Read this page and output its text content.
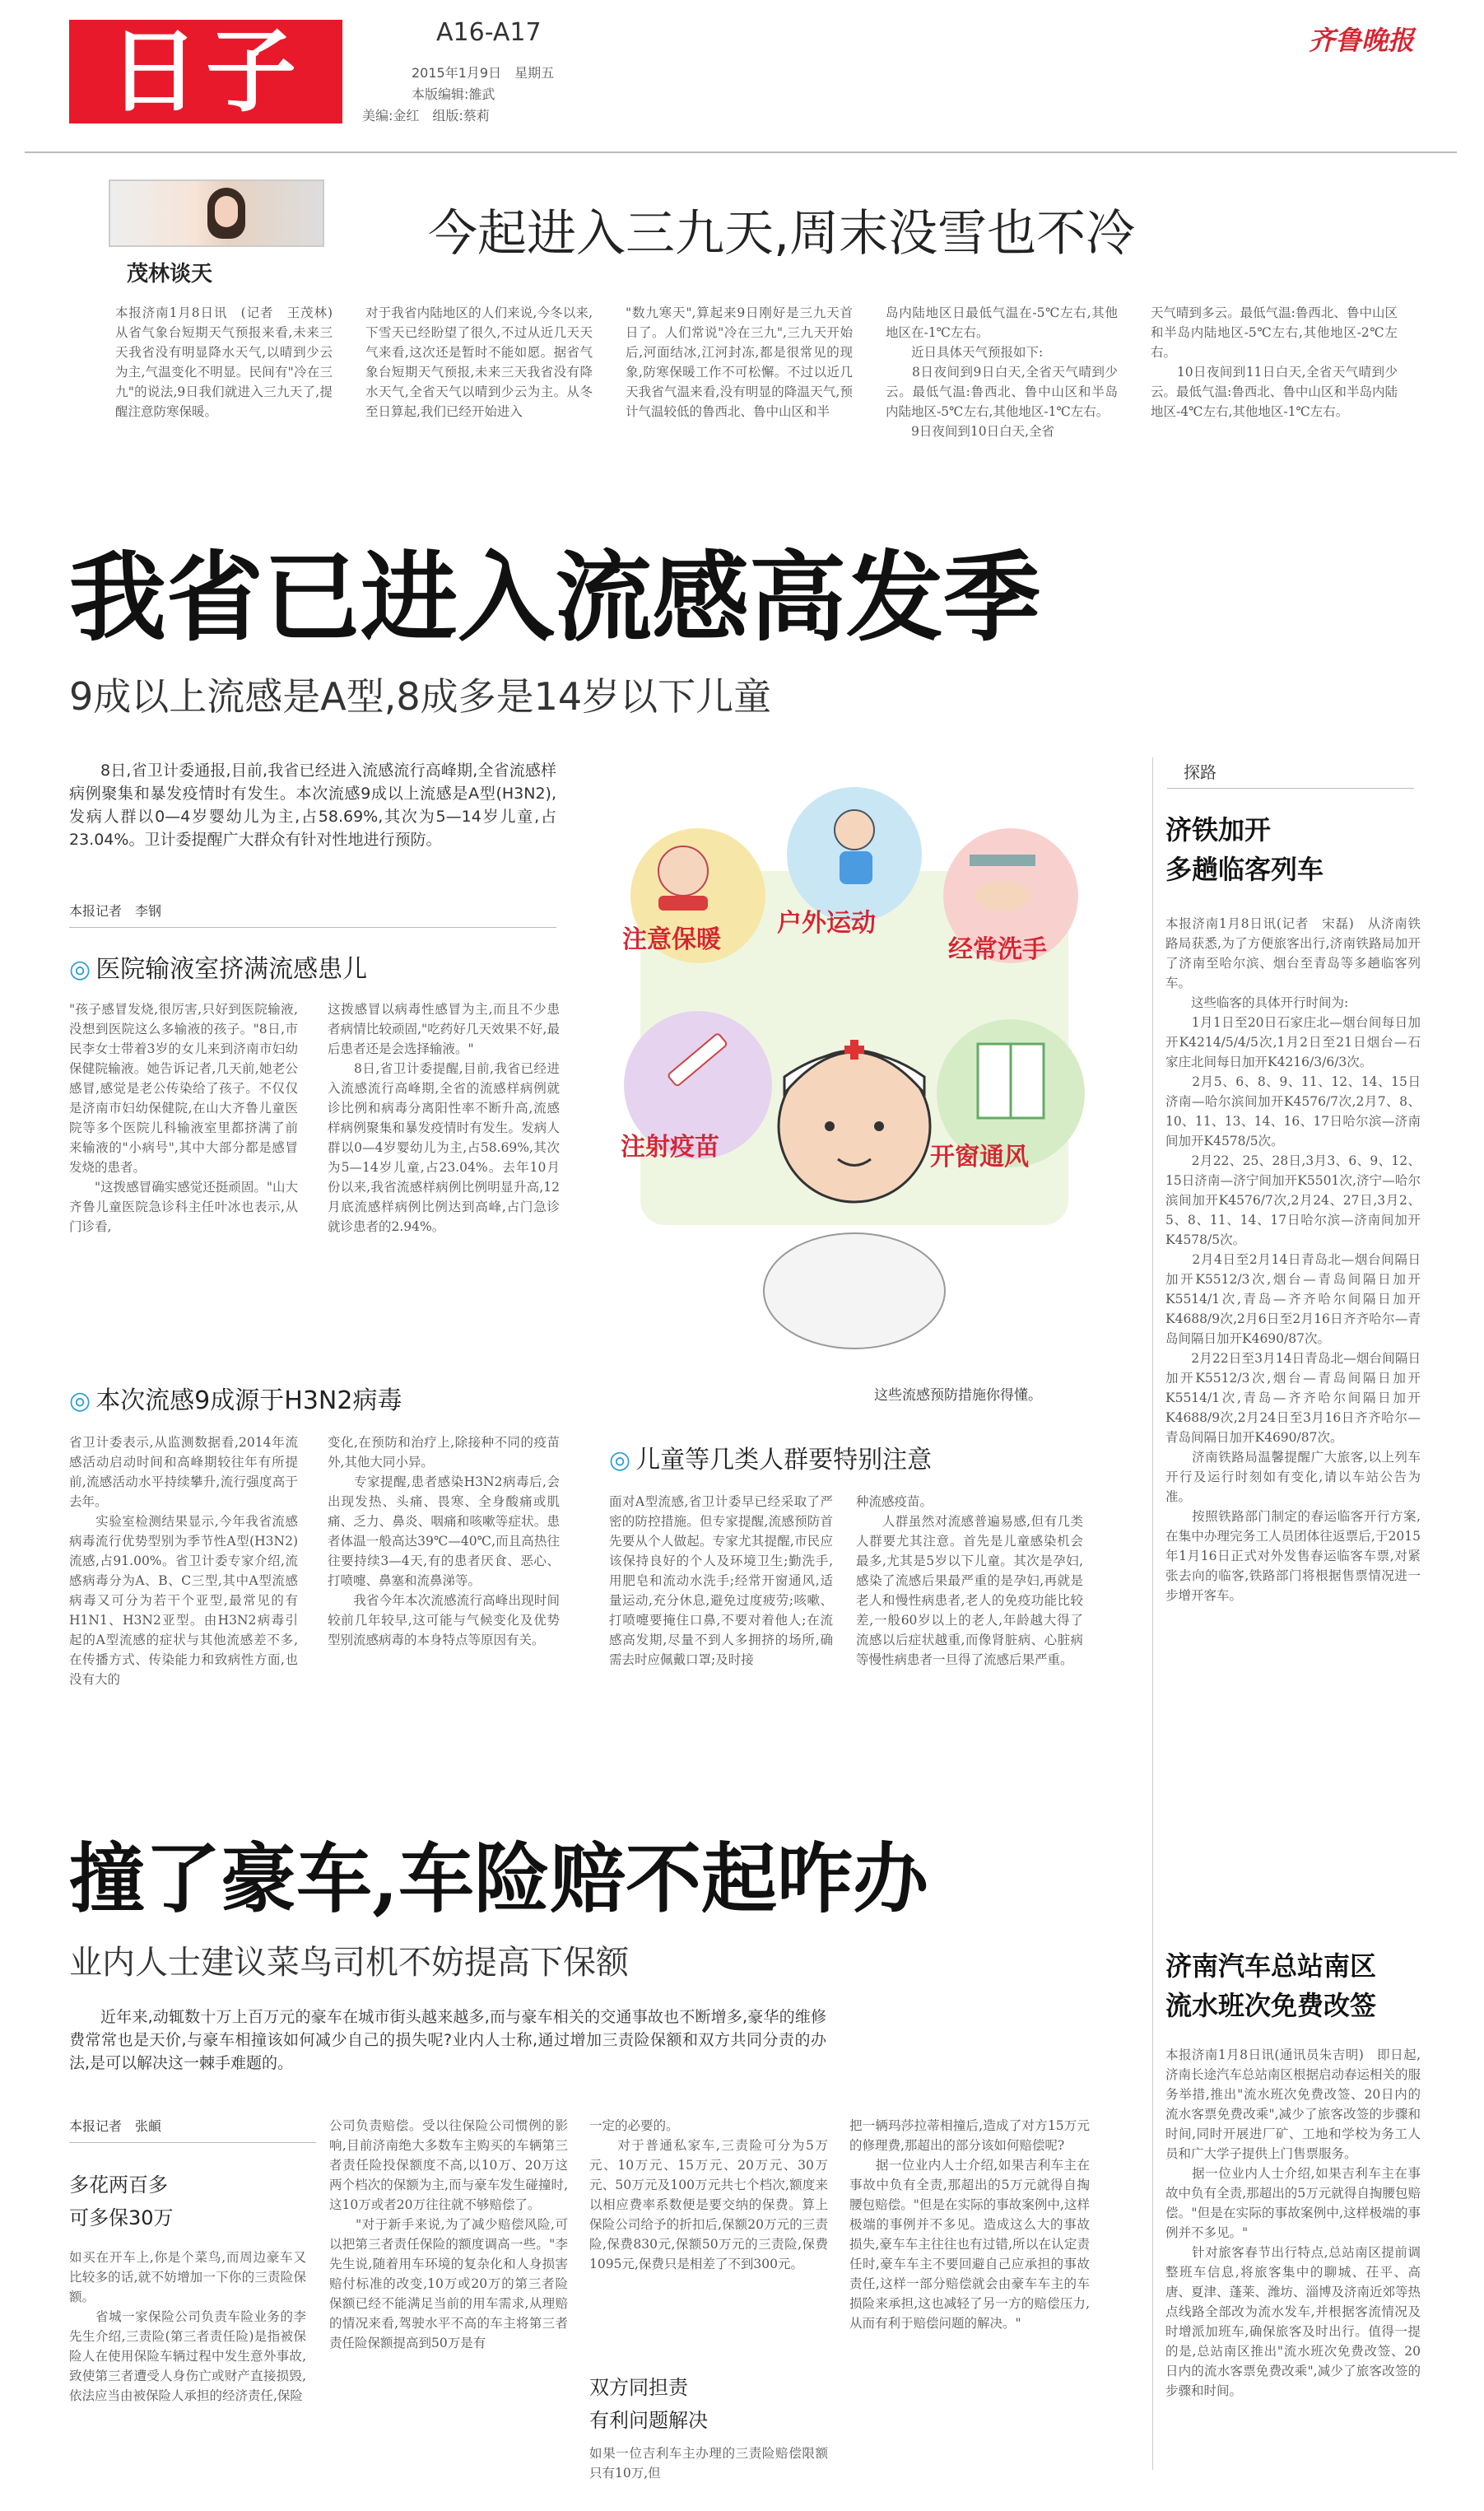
日子	A16-A17
2015年1月9日　星期五
本版编辑:雒武
美编:金红　组版:蔡莉
齐鲁晚报
茂林谈天
今起进入三九天,周末没雪也不冷
本报济南1月8日讯　(记者　王茂林)　从省气象台短期天气预报来看,未来三天我省没有明显降水天气,以晴到少云为主,气温变化不明显。民间有"冷在三九"的说法,9日我们就进入三九天了,提醒注意防寒保暖。
对于我省内陆地区的人们来说,今冬以来,下雪天已经盼望了很久,不过从近几天天气来看,这次还是暂时不能如愿。据省气象台短期天气预报,未来三天我省没有降水天气,全省天气以晴到少云为主。从冬至日算起,我们已经开始进入
"数九寒天",算起来9日刚好是三九天首日了。人们常说"冷在三九",三九天开始后,河面结冰,江河封冻,都是很常见的现象,防寒保暖工作不可松懈。不过以近几天我省气温来看,没有明显的降温天气,预计气温较低的鲁西北、鲁中山区和半
岛内陆地区日最低气温在-5℃左右,其他地区在-1℃左右。
　　近日具体天气预报如下:
　　8日夜间到9日白天,全省天气晴到少云。最低气温:鲁西北、鲁中山区和半岛内陆地区-5℃左右,其他地区-1℃左右。
　　9日夜间到10日白天,全省
天气晴到多云。最低气温:鲁西北、鲁中山区和半岛内陆地区-5℃左右,其他地区-2℃左右。
　　10日夜间到11日白天,全省天气晴到少云。最低气温:鲁西北、鲁中山区和半岛内陆地区-4℃左右,其他地区-1℃左右。
我省已进入流感高发季
9成以上流感是A型,8成多是14岁以下儿童
8日,省卫计委通报,目前,我省已经进入流感流行高峰期,全省流感样病例聚集和暴发疫情时有发生。本次流感9成以上流感是A型(H3N2),发病人群以0—4岁婴幼儿为主,占58.69%,其次为5—14岁儿童,占23.04%。卫计委提醒广大群众有针对性地进行预防。
本报记者　李钢
◎ 医院输液室挤满流感患儿
"孩子感冒发烧,很厉害,只好到医院输液,没想到医院这么多输液的孩子。"8日,市民李女士带着3岁的女儿来到济南市妇幼保健院输液。她告诉记者,几天前,她老公感冒,感觉是老公传染给了孩子。不仅仅是济南市妇幼保健院,在山大齐鲁儿童医院等多个医院儿科输液室里都挤满了前来输液的"小病号",其中大部分都是感冒发烧的患者。
　　"这拨感冒确实感觉还挺顽固。"山大齐鲁儿童医院急诊科主任叶冰也表示,从门诊看,
这拨感冒以病毒性感冒为主,而且不少患者病情比较顽固,"吃药好几天效果不好,最后患者还是会选择输液。"
　　8日,省卫计委提醒,目前,我省已经进入流感流行高峰期,全省的流感样病例就诊比例和病毒分离阳性率不断升高,流感样病例聚集和暴发疫情时有发生。发病人群以0—4岁婴幼儿为主,占58.69%,其次为5—14岁儿童,占23.04%。去年10月份以来,我省流感样病例比例明显升高,12月底流感样病例比例达到高峰,占门急诊就诊患者的2.94%。
◎ 本次流感9成源于H3N2病毒
省卫计委表示,从监测数据看,2014年流感活动启动时间和高峰期较往年有所提前,流感活动水平持续攀升,流行强度高于去年。
　　实验室检测结果显示,今年我省流感病毒流行优势型别为季节性A型(H3N2)流感,占91.00%。省卫计委专家介绍,流感病毒分为A、B、C三型,其中A型流感病毒又可分为若干个亚型,最常见的有H1N1、H3N2亚型。由H3N2病毒引起的A型流感的症状与其他流感差不多,在传播方式、传染能力和致病性方面,也没有大的
变化,在预防和治疗上,除接种不同的疫苗外,其他大同小异。
　　专家提醒,患者感染H3N2病毒后,会出现发热、头痛、畏寒、全身酸痛或肌痛、乏力、鼻炎、咽痛和咳嗽等症状。患者体温一般高达39℃—40℃,而且高热往往要持续3—4天,有的患者厌食、恶心、打喷嚏、鼻塞和流鼻涕等。
　　我省今年本次流感流行高峰出现时间较前几年较早,这可能与气候变化及优势型别流感病毒的本身特点等原因有关。
注意保暖
户外运动
经常洗手
注射疫苗	开窗通风
这些流感预防措施你得懂。
◎ 儿童等几类人群要特别注意
面对A型流感,省卫计委早已经采取了严密的防控措施。但专家提醒,流感预防首先要从个人做起。专家尤其提醒,市民应该保持良好的个人及环境卫生;勤洗手,用肥皂和流动水洗手;经常开窗通风,适量运动,充分休息,避免过度疲劳;咳嗽、打喷嚏要掩住口鼻,不要对着他人;在流感高发期,尽量不到人多拥挤的场所,确需去时应佩戴口罩;及时接
种流感疫苗。
　　人群虽然对流感普遍易感,但有几类人群要尤其注意。首先是儿童感染机会最多,尤其是5岁以下儿童。其次是孕妇,感染了流感后果最严重的是孕妇,再就是老人和慢性病患者,老人的免疫功能比较差,一般60岁以上的老人,年龄越大得了流感以后症状越重,而像肾脏病、心脏病等慢性病患者一旦得了流感后果严重。
探路
济铁加开
多趟临客列车
本报济南1月8日讯(记者　宋磊)　从济南铁路局获悉,为了方便旅客出行,济南铁路局加开了济南至哈尔滨、烟台至青岛等多趟临客列车。
　　这些临客的具体开行时间为:
　　1月1日至20日石家庄北—烟台间每日加开K4214/5/4/5次,1月2日至21日烟台—石家庄北间每日加开K4216/3/6/3次。
　　2月5、6、8、9、11、12、14、15日济南—哈尔滨间加开K4576/7次,2月7、8、10、11、13、14、16、17日哈尔滨—济南间加开K4578/5次。
　　2月22、25、28日,3月3、6、9、12、15日济南—济宁间加开K5501次,济宁—哈尔滨间加开K4576/7次,2月24、27日,3月2、5、8、11、14、17日哈尔滨—济南间加开K4578/5次。
　　2月4日至2月14日青岛北—烟台间隔日加开K5512/3次,烟台—青岛间隔日加开K5514/1次,青岛—齐齐哈尔间隔日加开K4688/9次,2月6日至2月16日齐齐哈尔—青岛间隔日加开K4690/87次。
　　2月22日至3月14日青岛北—烟台间隔日加开K5512/3次,烟台—青岛间隔日加开K5514/1次,青岛—齐齐哈尔间隔日加开K4688/9次,2月24日至3月16日齐齐哈尔—青岛间隔日加开K4690/87次。
　　济南铁路局温馨提醒广大旅客,以上列车开行及运行时刻如有变化,请以车站公告为准。
　　按照铁路部门制定的春运临客开行方案,在集中办理完务工人员团体往返票后,于2015年1月16日正式对外发售春运临客车票,对紧张去向的临客,铁路部门将根据售票情况进一步增开客车。
济南汽车总站南区
流水班次免费改签
本报济南1月8日讯(通讯员朱吉明)　即日起,济南长途汽车总站南区根据启动春运相关的服务举措,推出"流水班次免费改签、20日内的流水客票免费改乘",减少了旅客改签的步骤和时间,同时开展进厂矿、工地和学校为务工人员和广大学子提供上门售票服务。
　　据一位业内人士介绍,如果吉利车主在事故中负有全责,那超出的5万元就得自掏腰包赔偿。"但是在实际的事故案例中,这样极端的事例并不多见。"
　　针对旅客春节出行特点,总站南区提前调整班车信息,将旅客集中的聊城、茌平、高唐、夏津、蓬莱、潍坊、淄博及济南近郊等热点线路全部改为流水发车,并根据客流情况及时增派加班车,确保旅客及时出行。值得一提的是,总站南区推出"流水班次免费改签、20日内的流水客票免费改乘",减少了旅客改签的步骤和时间。
撞了豪车,车险赔不起咋办
业内人士建议菜鸟司机不妨提高下保额
近年来,动辄数十万上百万元的豪车在城市街头越来越多,而与豪车相关的交通事故也不断增多,豪华的维修费常常也是天价,与豪车相撞该如何减少自己的损失呢?业内人士称,通过增加三责险保额和双方共同分责的办法,是可以解决这一棘手难题的。
本报记者　张頔
多花两百多
可多保30万
如买在开车上,你是个菜鸟,而周边豪车又比较多的话,就不妨增加一下你的三责险保额。
　　省城一家保险公司负责车险业务的李先生介绍,三责险(第三者责任险)是指被保险人在使用保险车辆过程中发生意外事故,致使第三者遭受人身伤亡或财产直接损毁,依法应当由被保险人承担的经济责任,保险
公司负责赔偿。受以往保险公司惯例的影响,目前济南绝大多数车主购买的车辆第三者责任险投保额度不高,以10万、20万这两个档次的保额为主,而与豪车发生碰撞时,这10万或者20万往往就不够赔偿了。
　　"对于新手来说,为了减少赔偿风险,可以把第三者责任保险的额度调高一些。"李先生说,随着用车环境的复杂化和人身损害赔付标准的改变,10万或20万的第三者险保额已经不能满足当前的用车需求,从理赔的情况来看,驾驶水平不高的车主将第三者责任险保额提高到50万是有
一定的必要的。
　　对于普通私家车,三责险可分为5万元、10万元、15万元、20万元、30万元、50万元及100万元共七个档次,额度来以相应费率系数便是要交纳的保费。算上保险公司给予的折扣后,保额20万元的三责险,保费830元,保额50万元的三责险,保费1095元,保费只是相差了不到300元。
双方同担责
有利问题解决
如果一位吉利车主办理的三责险赔偿限额只有10万,但
把一辆玛莎拉蒂相撞后,造成了对方15万元的修理费,那超出的部分该如何赔偿呢?
　　据一位业内人士介绍,如果吉利车主在事故中负有全责,那超出的5万元就得自掏腰包赔偿。"但是在实际的事故案例中,这样极端的事例并不多见。造成这么大的事故损失,豪车车主往往也有过错,所以在认定责任时,豪车车主不要回避自己应承担的事故责任,这样一部分赔偿就会由豪车车主的车损险来承担,这也减轻了另一方的赔偿压力,从而有利于赔偿问题的解决。"
